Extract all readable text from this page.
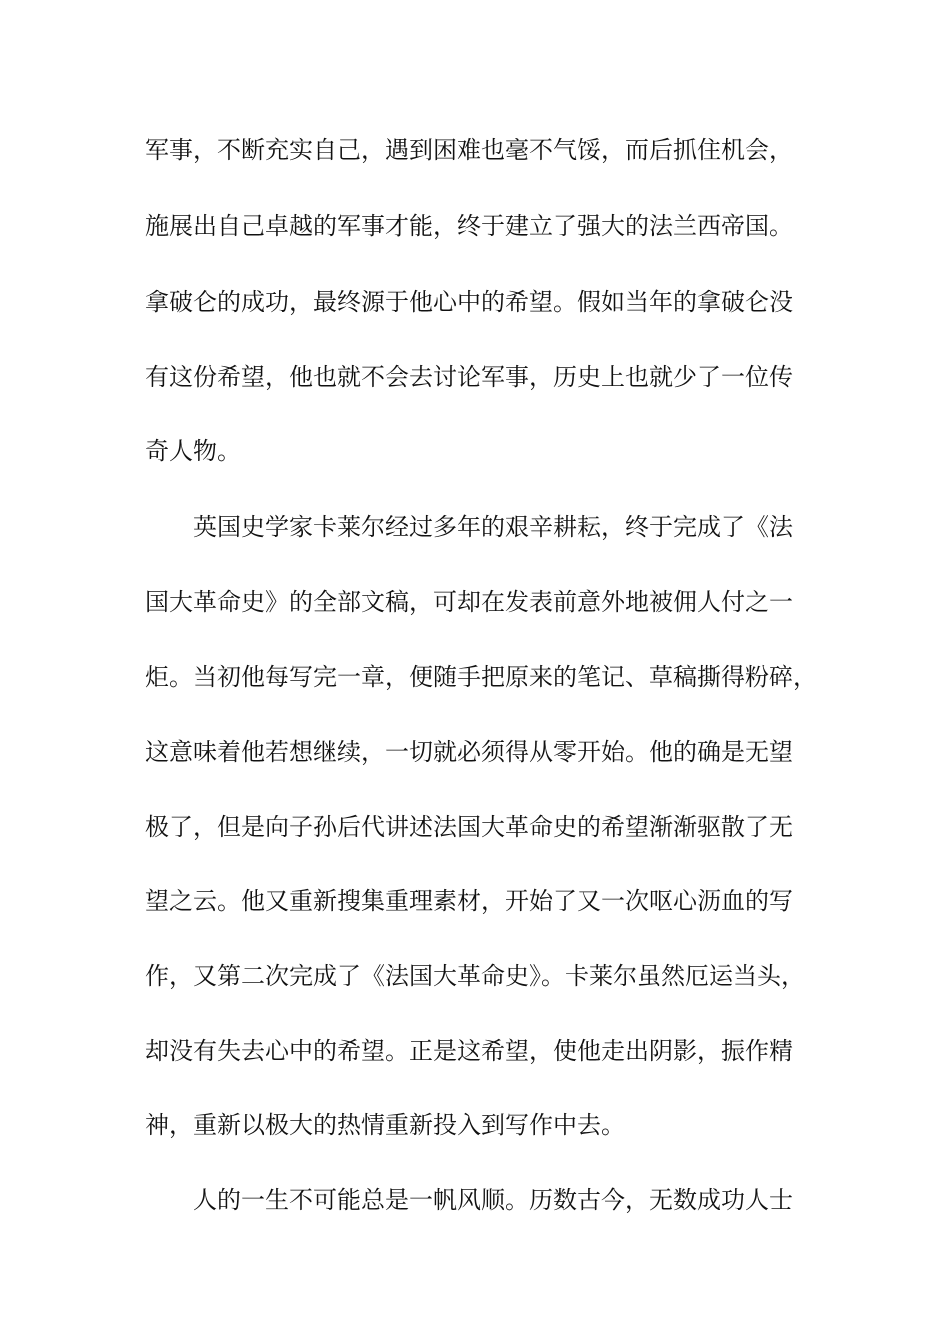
军事，不断充实自己，遇到困难也毫不气馁，而后抓住机会，
施展出自己卓越的军事才能，终于建立了强大的法兰西帝国。
拿破仑的成功，最终源于他心中的希望。假如当年的拿破仑没
有这份希望，他也就不会去讨论军事，历史上也就少了一位传
奇人物。
英国史学家卡莱尔经过多年的艰辛耕耘，终于完成了《法
国大革命史》的全部文稿，可却在发表前意外地被佣人付之一
炬。当初他每写完一章，便随手把原来的笔记、草稿撕得粉碎，
这意味着他若想继续，一切就必须得从零开始。他的确是无望
极了，但是向子孙后代讲述法国大革命史的希望渐渐驱散了无
望之云。他又重新搜集重理素材，开始了又一次呕心沥血的写
作，又第二次完成了《法国大革命史》。卡莱尔虽然厄运当头，
却没有失去心中的希望。正是这希望，使他走出阴影，振作精
神，重新以极大的热情重新投入到写作中去。
人的一生不可能总是一帆风顺。历数古今，无数成功人士
